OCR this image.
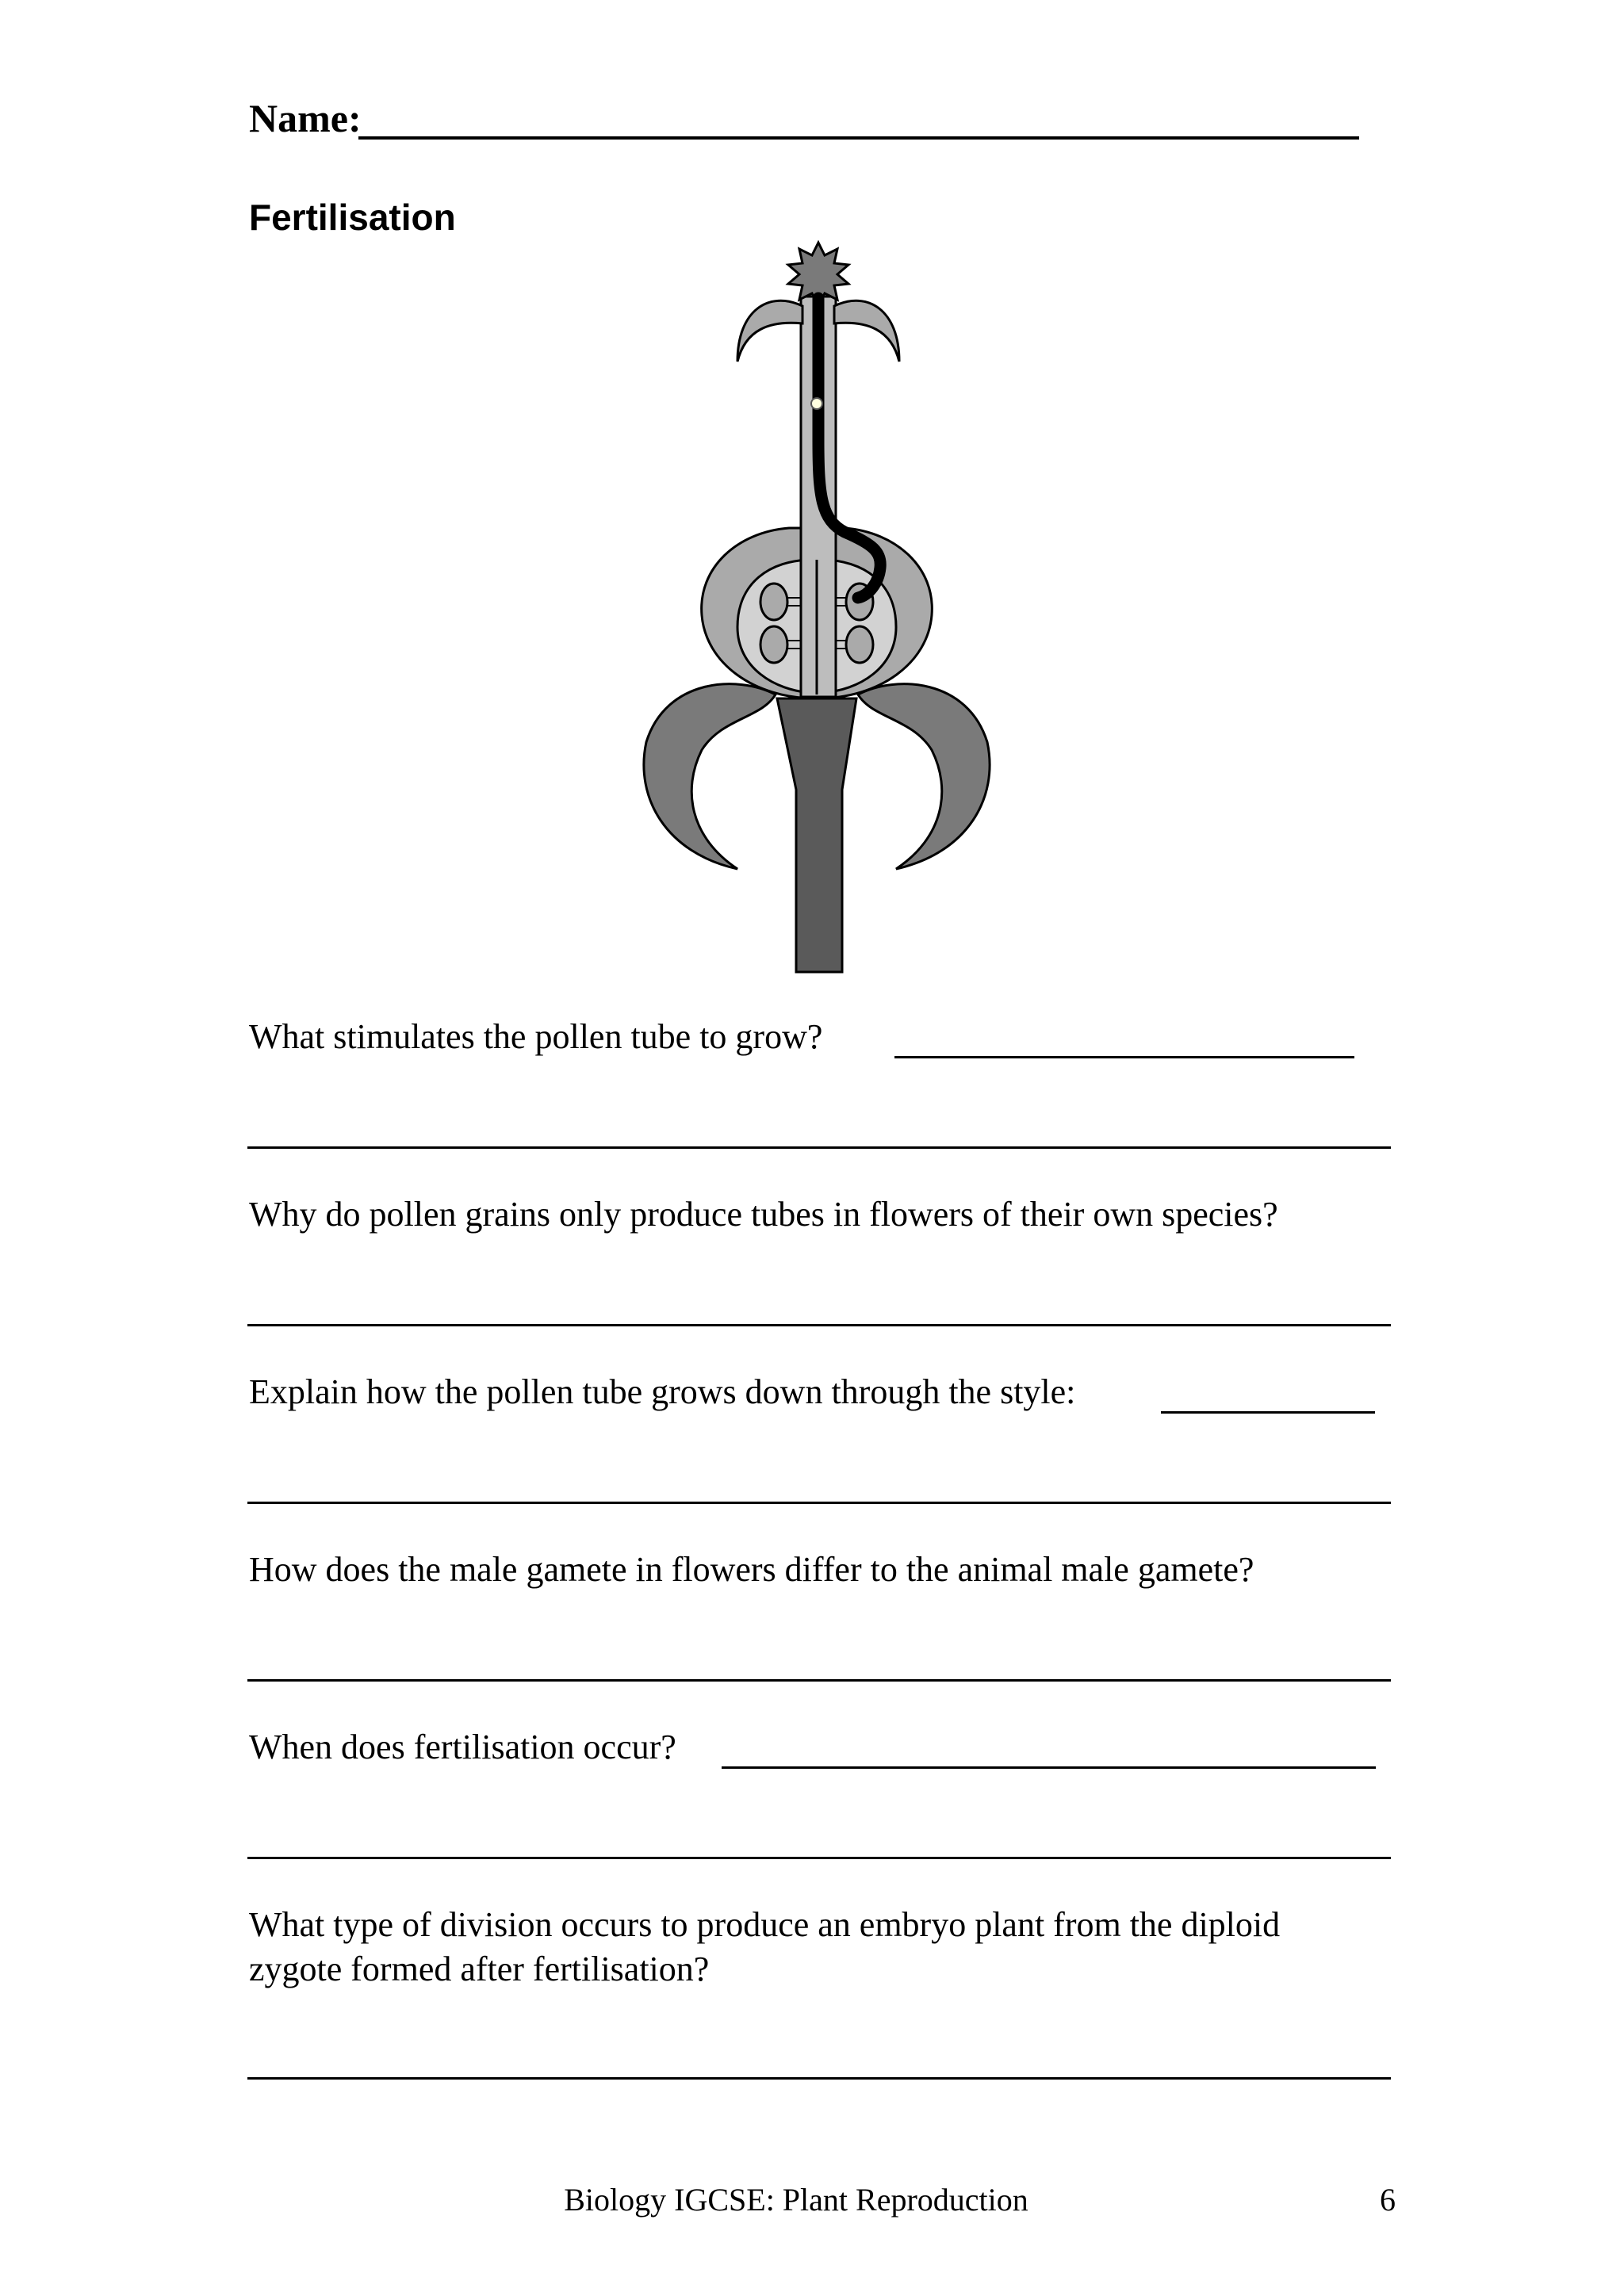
Name:
Fertilisation
What stimulates the pollen tube to grow?
Why do pollen grains only produce tubes in flowers of their own species?
Explain how the pollen tube grows down through the style:
How does the male gamete in flowers differ to the animal male gamete?
When does fertilisation occur?
What type of division occurs to produce an embryo plant from the diploid
zygote formed after fertilisation?
Biology IGCSE: Plant Reproduction	6
